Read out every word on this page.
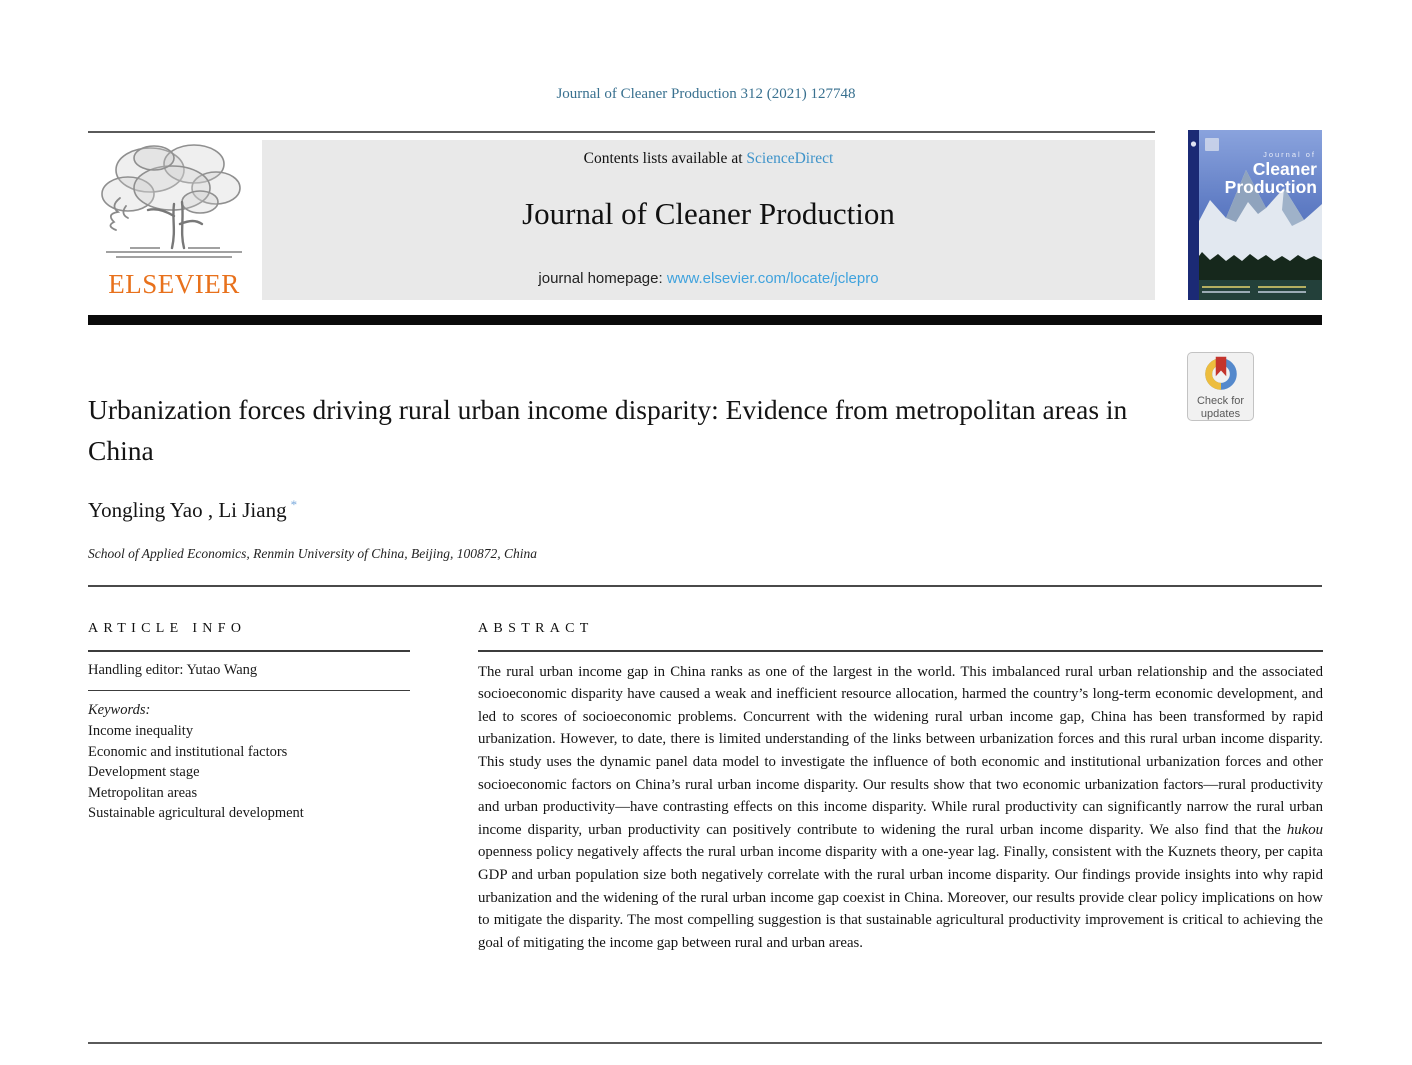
Journal of Cleaner Production 312 (2021) 127748
ELSEVIER
Contents lists available at ScienceDirect
Journal of Cleaner Production
journal homepage: www.elsevier.com/locate/jclepro
Journal of
Cleaner
Production
Check for
updates
Urbanization forces driving rural urban income disparity: Evidence from metropolitan areas in China
Yongling Yao , Li Jiang *
School of Applied Economics, Renmin University of China, Beijing, 100872, China
ARTICLE INFO
Handling editor: Yutao Wang
Keywords:
Income inequality
Economic and institutional factors
Development stage
Metropolitan areas
Sustainable agricultural development
ABSTRACT

The rural urban income gap in China ranks as one of the largest in the world. This imbalanced rural urban relationship and the associated socioeconomic disparity have caused a weak and inefficient resource allocation, harmed the country’s long-term economic development, and led to scores of socioeconomic problems. Concurrent with the widening rural urban income gap, China has been transformed by rapid urbanization. However, to date, there is limited understanding of the links between urbanization forces and this rural urban income disparity. This study uses the dynamic panel data model to investigate the influence of both economic and institutional urbanization forces and other socioeconomic factors on China’s rural urban income disparity. Our results show that two economic urbanization factors—rural productivity and urban productivity—have contrasting effects on this income disparity. While rural productivity can significantly narrow the rural urban income disparity, urban productivity can positively contribute to widening the rural urban income disparity. We also find that the hukou openness policy negatively affects the rural urban income disparity with a one-year lag. Finally, consistent with the Kuznets theory, per capita GDP and urban population size both negatively correlate with the rural urban income disparity. Our findings provide insights into why rapid urbanization and the widening of the rural urban income gap coexist in China. Moreover, our results provide clear policy implications on how to mitigate the disparity. The most compelling suggestion is that sustainable agricultural productivity improvement is critical to achieving the goal of mitigating the income gap between rural and urban areas.
